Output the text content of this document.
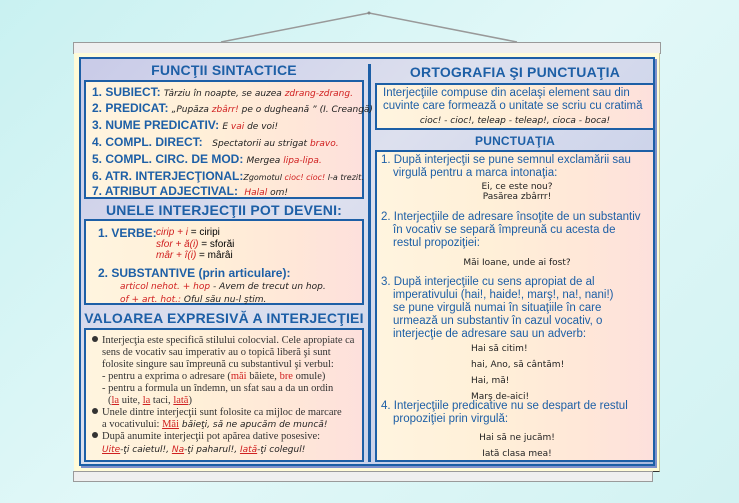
FUNCŢII SINTACTICE
1. SUBIECT: Târziu în noapte, se auzea zdrang-zdrang.
2. PREDICAT: „Pupăza zbârr! pe o dugheană ” (I. Creangă)
3. NUME PREDICATIV: E vai de voi!
4. COMPL. DIRECT: Spectatorii au strigat bravo.
5. COMPL. CIRC. DE MOD: Mergea lipa-lipa.
6. ATR. INTERJECŢIONAL:Zgomotul cioc! cioc! l-a trezit.
7. ATRIBUT ADJECTIVAL: Halal om!
UNELE INTERJECŢII POT DEVENI:
1. VERBE: cirip + i = ciripi
sfor + ă(i) = sforăi
mâr + î(i) = mârâi
2. SUBSTANTIVE (prin articulare):
articol nehot. + hop - Avem de trecut un hop.
of + art. hot.: Oful său nu-l ştim.
VALOAREA EXPRESIVĂ A INTERJECŢIEI
Interjecţia este specifică stilului colocvial. Cele apropiate ca
sens de vocativ sau imperativ au o topică liberă şi sunt
folosite singure sau împreună cu substantivul şi verbul:
- pentru a exprima o adresare (măi băiete, bre omule)
- pentru a formula un îndemn, un sfat sau a da un ordin
(la uite, la taci, lată)
Unele dintre interjecţii sunt folosite ca mijloc de marcare
a vocativului: Măi băieţi, să ne apucăm de muncă!
După anumite interjecţii pot apărea dative posesive:
Uite-ţi caietul!, Na-ţi paharul!, Iată-ţi colegul!
ORTOGRAFIA ŞI PUNCTUAŢIA
Interjecţiile compuse din acelaşi element sau din
cuvinte care formează o unitate se scriu cu cratimă
cioc! - cioc!, teleap - teleap!, cioca - boca!
PUNCTUAŢIA
1. După interjecţii se pune semnul exclamării sau
virgulă pentru a marca intonaţia:
Ei, ce este nou?
Pasărea zbârrr!
2. Interjecţiile de adresare însoţite de un substantiv
în vocativ se separă împreună cu acesta de
restul propoziţiei:
Măi Ioane, unde ai fost?
3. După interjecţiile cu sens apropiat de al
imperativului (hai!, haide!, marş!, na!, nani!)
se pune virgulă numai în situaţiile în care
urmează un substantiv în cazul vocativ, o
interjecţie de adresare sau un adverb:
Hai să citim!
hai, Ano, să cântăm!
Hai, mă!
Marş de-aici!
4. Interjecţiile predicative nu se despart de restul
propoziţiei prin virgulă:
Hai să ne jucăm!
Iată clasa mea!
